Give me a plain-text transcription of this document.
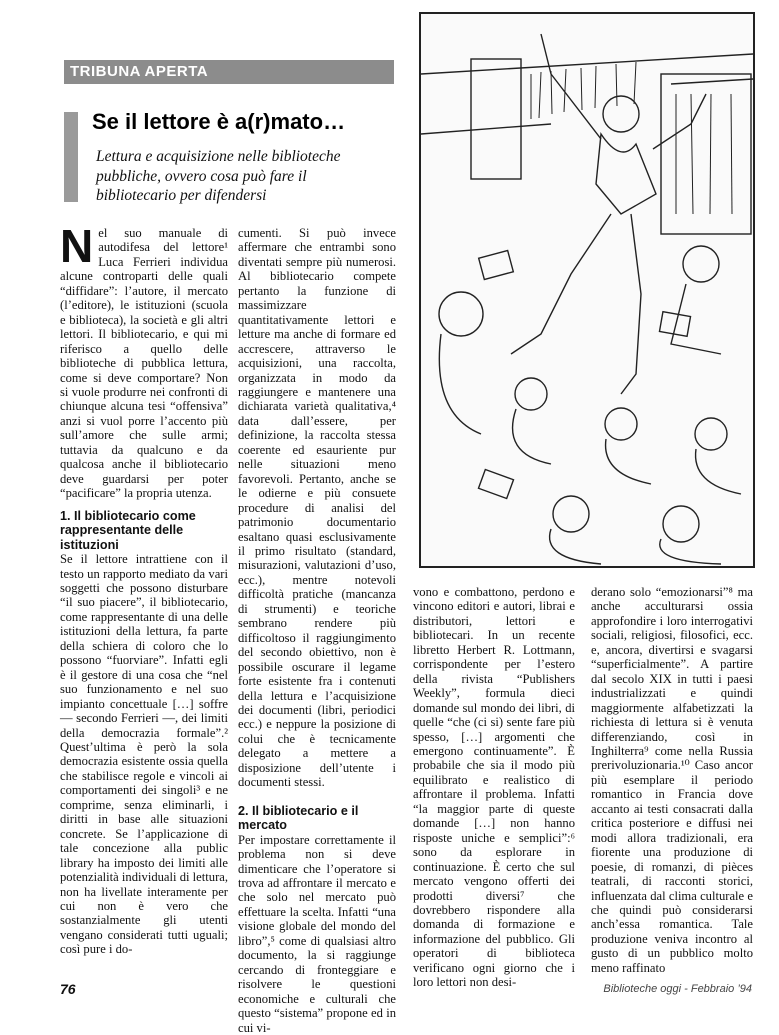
TRIBUNA APERTA
Se il lettore è a(r)mato…
Lettura e acquisizione nelle biblioteche pubbliche, ovvero cosa può fare il bibliotecario per difendersi

Nel suo manuale di autodifesa del lettore¹ Luca Ferrieri individua alcune controparti delle quali “diffidare”: l’autore, il mercato (l’editore), le istituzioni (scuola e biblioteca), la società e gli altri lettori. Il bibliotecario, e qui mi riferisco a quello delle biblioteche di pubblica lettura, come si deve comportare? Non si vuole produrre nei confronti di chiunque alcuna tesi “offensiva” anzi si vuol porre l’accento più sull’amore che sulle armi; tuttavia da qualcuno e da qualcosa anche il bibliotecario deve guardarsi per poter “pacificare” la propria utenza.

1. Il bibliotecario come rappresentante delle istituzioni

Se il lettore intrattiene con il testo un rapporto mediato da vari soggetti che possono disturbare “il suo piacere”, il bibliotecario, come rappresentante di una delle istituzioni della lettura, fa parte della schiera di coloro che lo possono “fuorviare”. Infatti egli è il gestore di una cosa che “nel suo funzionamento e nel suo impianto concettuale […] soffre — secondo Ferrieri —, dei limiti della democrazia formale”.² Quest’ultima è però la sola democrazia esistente ossia quella che stabilisce regole e vincoli ai comportamenti dei singoli³ e ne comprime, senza eliminarli, i diritti in base alle situazioni concrete. Se l’applicazione di tale concezione alla public library ha imposto dei limiti alle potenzialità individuali di lettura, non ha livellate interamente per cui non è vero che sostanzialmente gli utenti vengano considerati tutti uguali; così pure i do-

cumenti. Si può invece affermare che entrambi sono diventati sempre più numerosi. Al bibliotecario compete pertanto la funzione di massimizzare quantitativamente lettori e letture ma anche di formare ed accrescere, attraverso le acquisizioni, una raccolta, organizzata in modo da raggiungere e mantenere una dichiarata varietà qualitativa,⁴ data dall’essere, per definizione, la raccolta stessa coerente ed esauriente pur nelle situazioni meno favorevoli. Pertanto, anche se le odierne e più consuete procedure di analisi del patrimonio documentario esaltano quasi esclusivamente il primo risultato (standard, misurazioni, valutazioni d’uso, ecc.), mentre notevoli difficoltà pratiche (mancanza di strumenti) e teoriche sembrano rendere più difficoltoso il raggiungimento del secondo obiettivo, non è possibile oscurare il legame forte esistente fra i contenuti della lettura e l’acquisizione dei documenti (libri, periodici ecc.) e neppure la posizione di colui che è tecnicamente delegato a mettere a disposizione dell’utente i documenti stessi.

2. Il bibliotecario e il mercato

Per impostare correttamente il problema non si deve dimenticare che l’operatore si trova ad affrontare il mercato e che solo nel mercato può effettuare la scelta. Infatti “una visione globale del mondo del libro”,⁵ come di qualsiasi altro documento, la si raggiunge cercando di fronteggiare e risolvere le questioni economiche e culturali che questo “sistema” propone ed in cui vi-

vono e combattono, perdono e vincono editori e autori, librai e distributori, lettori e bibliotecari. In un recente libretto Herbert R. Lottmann, corrispondente per l’estero della rivista “Publishers Weekly”, formula dieci domande sul mondo dei libri, di quelle “che (ci si) sente fare più spesso, […] argomenti che emergono continuamente”. È probabile che sia il modo più equilibrato e realistico di affrontare il problema. Infatti “la maggior parte di queste domande […] non hanno risposte uniche e semplici”:⁶ sono da esplorare in continuazione. È certo che sul mercato vengono offerti dei prodotti diversi⁷ che dovrebbero rispondere alla domanda di formazione e informazione del pubblico. Gli operatori di biblioteca verificano ogni giorno che i loro lettori non desi-

derano solo “emozionarsi”⁸ ma anche acculturarsi ossia approfondire i loro interrogativi sociali, religiosi, filosofici, ecc. e, ancora, divertirsi e svagarsi “superficialmente”. A partire dal secolo XIX in tutti i paesi industrializzati e quindi maggiormente alfabetizzati la richiesta di lettura si è venuta differenziando, così in Inghilterra⁹ come nella Russia prerivoluzionaria.¹⁰ Caso ancor più esemplare il periodo romantico in Francia dove accanto ai testi consacrati dalla critica posteriore e diffusi nei modi allora tradizionali, era fiorente una produzione di poesie, di romanzi, di pièces teatrali, di racconti storici, influenzata dal clima culturale e che quindi può considerarsi anch’essa romantica. Tale produzione veniva incontro al gusto di un pubblico molto meno raffinato

76	Biblioteche oggi - Febbraio ’94
